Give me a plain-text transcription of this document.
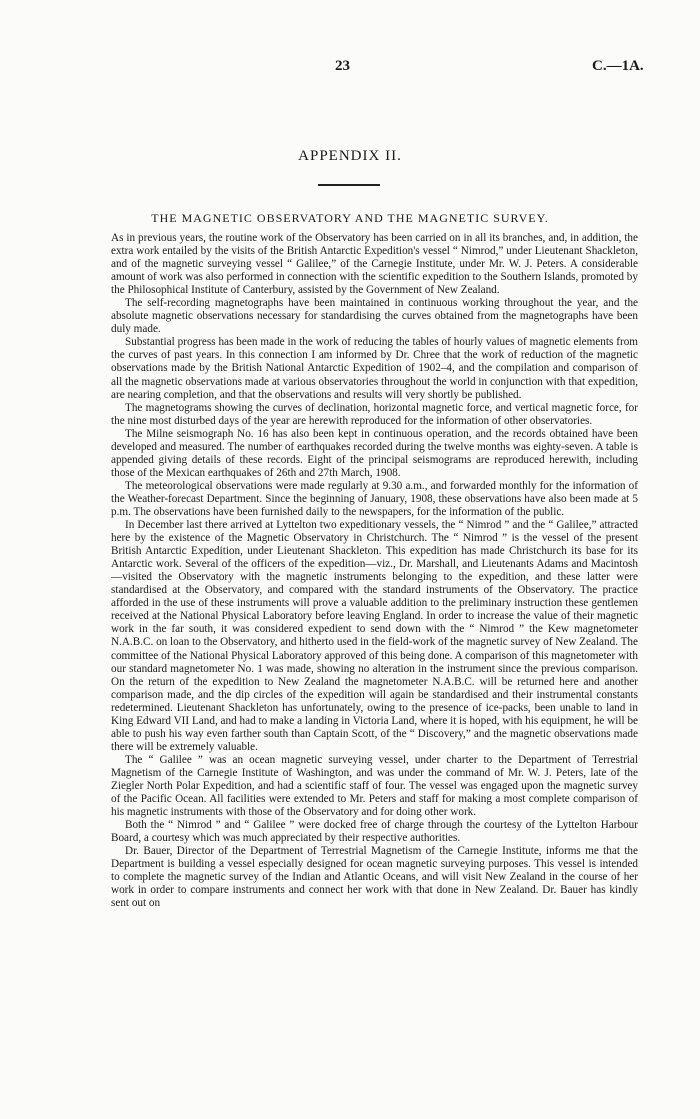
23	C.—1A.
APPENDIX II.
THE MAGNETIC OBSERVATORY AND THE MAGNETIC SURVEY.

As in previous years, the routine work of the Observatory has been carried on in all its branches, and, in addition, the extra work entailed by the visits of the British Antarctic Expedition's vessel “ Nimrod,” under Lieutenant Shackleton, and of the magnetic surveying vessel “ Galilee,” of the Carnegie Institute, under Mr. W. J. Peters. A considerable amount of work was also performed in connection with the scientific expedition to the Southern Islands, promoted by the Philosophical Institute of Canterbury, assisted by the Government of New Zealand.

The self-recording magnetographs have been maintained in continuous working throughout the year, and the absolute magnetic observations necessary for standardising the curves obtained from the magnetographs have been duly made.

Substantial progress has been made in the work of reducing the tables of hourly values of magnetic elements from the curves of past years. In this connection I am informed by Dr. Chree that the work of reduction of the magnetic observations made by the British National Antarctic Expedition of 1902–4, and the compilation and comparison of all the magnetic observations made at various observatories throughout the world in conjunction with that expedition, are nearing completion, and that the observations and results will very shortly be published.

The magnetograms showing the curves of declination, horizontal magnetic force, and vertical magnetic force, for the nine most disturbed days of the year are herewith reproduced for the information of other observatories.

The Milne seismograph No. 16 has also been kept in continuous operation, and the records obtained have been developed and measured. The number of earthquakes recorded during the twelve months was eighty-seven. A table is appended giving details of these records. Eight of the principal seismograms are reproduced herewith, including those of the Mexican earthquakes of 26th and 27th March, 1908.

The meteorological observations were made regularly at 9.30 a.m., and forwarded monthly for the information of the Weather-forecast Department. Since the beginning of January, 1908, these observations have also been made at 5 p.m. The observations have been furnished daily to the newspapers, for the information of the public.

In December last there arrived at Lyttelton two expeditionary vessels, the “ Nimrod ” and the “ Galilee,” attracted here by the existence of the Magnetic Observatory in Christchurch. The “ Nimrod ” is the vessel of the present British Antarctic Expedition, under Lieutenant Shackleton. This expedition has made Christchurch its base for its Antarctic work. Several of the officers of the expedition—viz., Dr. Marshall, and Lieutenants Adams and Macintosh—visited the Observatory with the magnetic instruments belonging to the expedition, and these latter were standardised at the Observatory, and compared with the standard instruments of the Observatory. The practice afforded in the use of these instruments will prove a valuable addition to the preliminary instruction these gentlemen received at the National Physical Laboratory before leaving England. In order to increase the value of their magnetic work in the far south, it was considered expedient to send down with the “ Nimrod ” the Kew magnetometer N.A.B.C. on loan to the Observatory, and hitherto used in the field-work of the magnetic survey of New Zealand. The committee of the National Physical Laboratory approved of this being done. A comparison of this magnetometer with our standard magnetometer No. 1 was made, showing no alteration in the instrument since the previous comparison. On the return of the expedition to New Zealand the magnetometer N.A.B.C. will be returned here and another comparison made, and the dip circles of the expedition will again be standardised and their instrumental constants redetermined. Lieutenant Shackleton has unfortunately, owing to the presence of ice-packs, been unable to land in King Edward VII Land, and had to make a landing in Victoria Land, where it is hoped, with his equipment, he will be able to push his way even farther south than Captain Scott, of the “ Discovery,” and the magnetic observations made there will be extremely valuable.

The “ Galilee ” was an ocean magnetic surveying vessel, under charter to the Department of Terrestrial Magnetism of the Carnegie Institute of Washington, and was under the command of Mr. W. J. Peters, late of the Ziegler North Polar Expedition, and had a scientific staff of four. The vessel was engaged upon the magnetic survey of the Pacific Ocean. All facilities were extended to Mr. Peters and staff for making a most complete comparison of his magnetic instruments with those of the Observatory and for doing other work.

Both the “ Nimrod ” and “ Galilee ” were docked free of charge through the courtesy of the Lyttelton Harbour Board, a courtesy which was much appreciated by their respective authorities.

Dr. Bauer, Director of the Department of Terrestrial Magnetism of the Carnegie Institute, informs me that the Department is building a vessel especially designed for ocean magnetic surveying purposes. This vessel is intended to complete the magnetic survey of the Indian and Atlantic Oceans, and will visit New Zealand in the course of her work in order to compare instruments and connect her work with that done in New Zealand. Dr. Bauer has kindly sent out on
